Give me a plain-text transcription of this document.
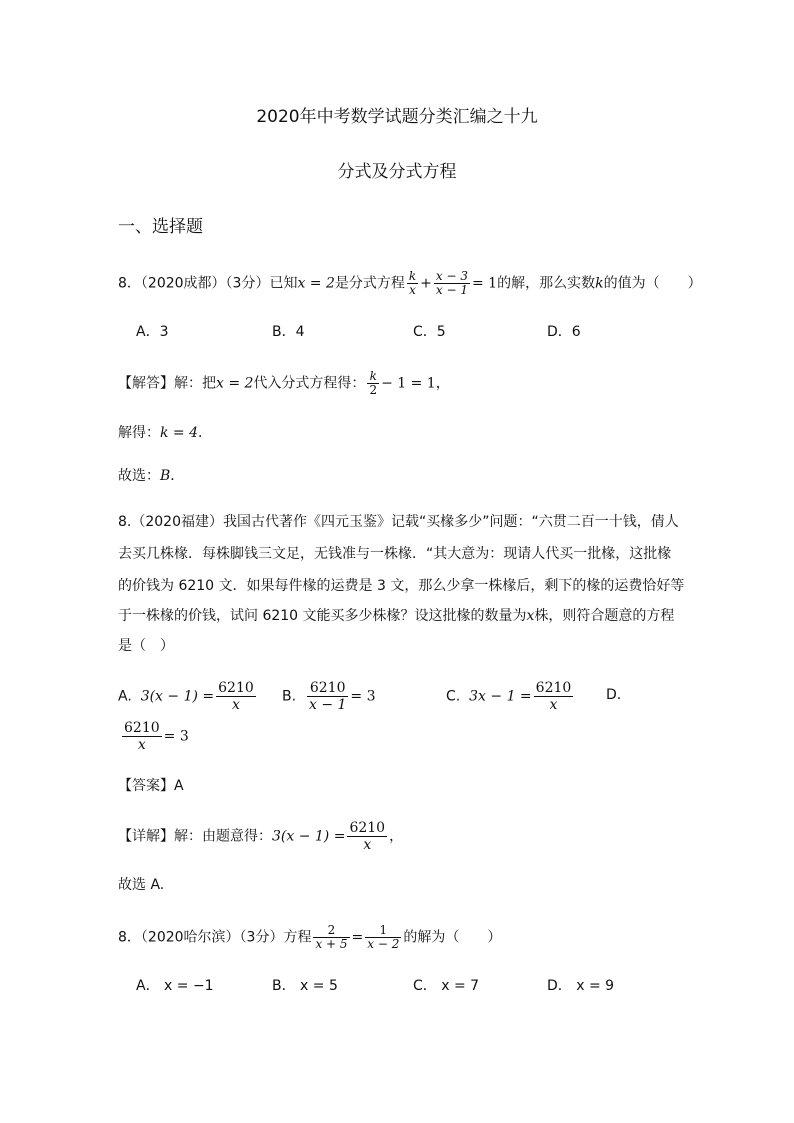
2020年中考数学试题分类汇编之十九
分式及分式方程
一、选择题
8．（2020成都）（3分）已知x = 2是分式方程 $\frac{k}{x} + \frac{x - 3}{x - 1} = 1$的解，那么实数k的值为（　　）
A．3	B．4	C．5	D．6
【解答】解：把x = 2代入分式方程得： $\frac{k}{2} - 1 = 1$，
解得：k = 4．
故选：B．
8.（2020福建）我国古代著作《四元玉鉴》记载“买椽多少”问题：“六贯二百一十钱，倩人
去买几株椽．每株脚钱三文足，无钱准与一株椽．“其大意为：现请人代买一批椽，这批椽
的价钱为 6210 文．如果每件椽的运费是 3 文，那么少拿一株椽后，剩下的椽的运费恰好等
于一株椽的价钱，试问 6210 文能买多少株椽？设这批椽的数量为x株，则符合题意的方程
是（　）
A. $3(x - 1) = \frac{6210}{x} B$. $\frac{6210}{x - 1} = 3$	C. $3x - 1 = \frac{6210}{x} D$.
$\frac{6210}{x} = 3$
【答案】A
【详解】解：由题意得：$3(x - 1) = \frac{6210}{x}$ ，
故选 A.
8．（2020哈尔滨）（3分）方程 $\frac{2}{x + 5} = \frac{1}{x - 2}$ 的解为（　　）
A． x = −1	B． x = 5	C． x = 7	D． x = 9
